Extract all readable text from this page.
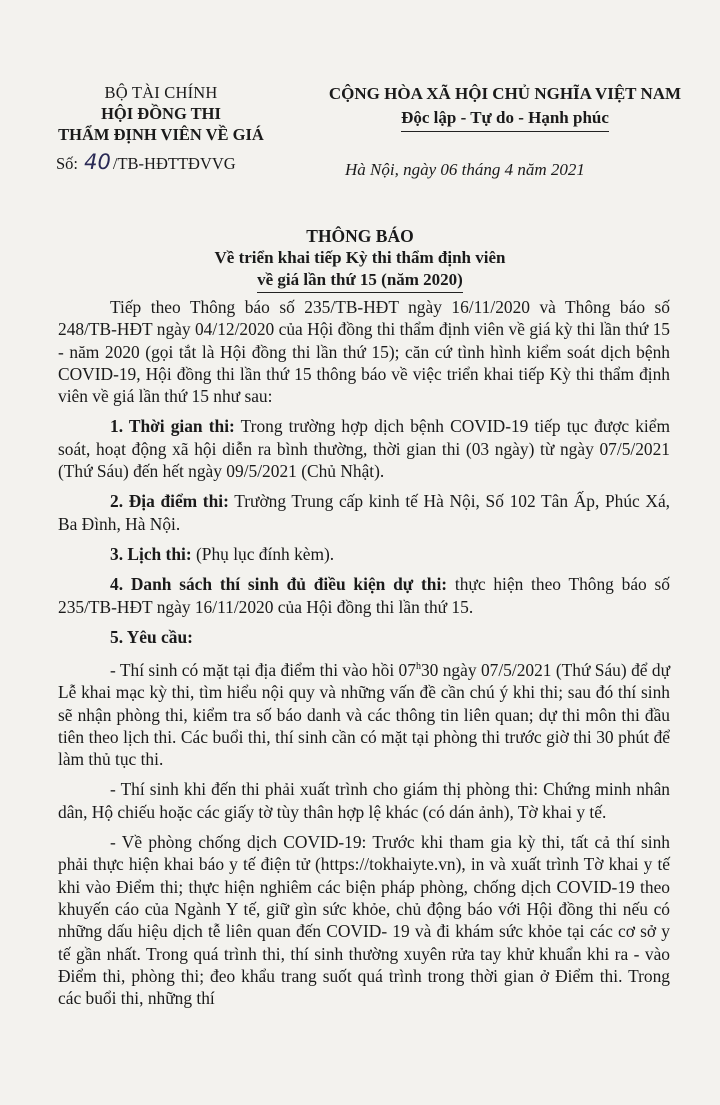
BỘ TÀI CHÍNH
HỘI ĐỒNG THI
THẨM ĐỊNH VIÊN VỀ GIÁ
Số: 40 /TB-HĐTTĐVVG
CỘNG HÒA XÃ HỘI CHỦ NGHĨA VIỆT NAM
Độc lập - Tự do - Hạnh phúc
Hà Nội, ngày 06 tháng 4 năm 2021
THÔNG BÁO
Về triển khai tiếp Kỳ thi thẩm định viên
về giá lần thứ 15 (năm 2020)

Tiếp theo Thông báo số 235/TB-HĐT ngày 16/11/2020 và Thông báo số 248/TB-HĐT ngày 04/12/2020 của Hội đồng thi thẩm định viên về giá kỳ thi lần thứ 15 - năm 2020 (gọi tắt là Hội đồng thi lần thứ 15); căn cứ tình hình kiểm soát dịch bệnh COVID-19, Hội đồng thi lần thứ 15 thông báo về việc triển khai tiếp Kỳ thi thẩm định viên về giá lần thứ 15 như sau:

1. Thời gian thi: Trong trường hợp dịch bệnh COVID-19 tiếp tục được kiểm soát, hoạt động xã hội diễn ra bình thường, thời gian thi (03 ngày) từ ngày 07/5/2021 (Thứ Sáu) đến hết ngày 09/5/2021 (Chủ Nhật).

2. Địa điểm thi: Trường Trung cấp kinh tế Hà Nội, Số 102 Tân Ấp, Phúc Xá, Ba Đình, Hà Nội.

3. Lịch thi: (Phụ lục đính kèm).

4. Danh sách thí sinh đủ điều kiện dự thi: thực hiện theo Thông báo số 235/TB-HĐT ngày 16/11/2020 của Hội đồng thi lần thứ 15.

5. Yêu cầu:

- Thí sinh có mặt tại địa điểm thi vào hồi 07$^h$30 ngày 07/5/2021 (Thứ Sáu) để dự Lễ khai mạc kỳ thi, tìm hiểu nội quy và những vấn đề cần chú ý khi thi; sau đó thí sinh sẽ nhận phòng thi, kiểm tra số báo danh và các thông tin liên quan; dự thi môn thi đầu tiên theo lịch thi. Các buổi thi, thí sinh cần có mặt tại phòng thi trước giờ thi 30 phút để làm thủ tục thi.

- Thí sinh khi đến thi phải xuất trình cho giám thị phòng thi: Chứng minh nhân dân, Hộ chiếu hoặc các giấy tờ tùy thân hợp lệ khác (có dán ảnh), Tờ khai y tế.

- Về phòng chống dịch COVID-19: Trước khi tham gia kỳ thi, tất cả thí sinh phải thực hiện khai báo y tế điện tử (https://tokhaiyte.vn), in và xuất trình Tờ khai y tế khi vào Điểm thi; thực hiện nghiêm các biện pháp phòng, chống dịch COVID-19 theo khuyến cáo của Ngành Y tế, giữ gìn sức khỏe, chủ động báo với Hội đồng thi nếu có những dấu hiệu dịch tễ liên quan đến COVID- 19 và đi khám sức khỏe tại các cơ sở y tế gần nhất. Trong quá trình thi, thí sinh thường xuyên rửa tay khử khuẩn khi ra - vào Điểm thi, phòng thi; đeo khẩu trang suốt quá trình trong thời gian ở Điểm thi. Trong các buổi thi, những thí
